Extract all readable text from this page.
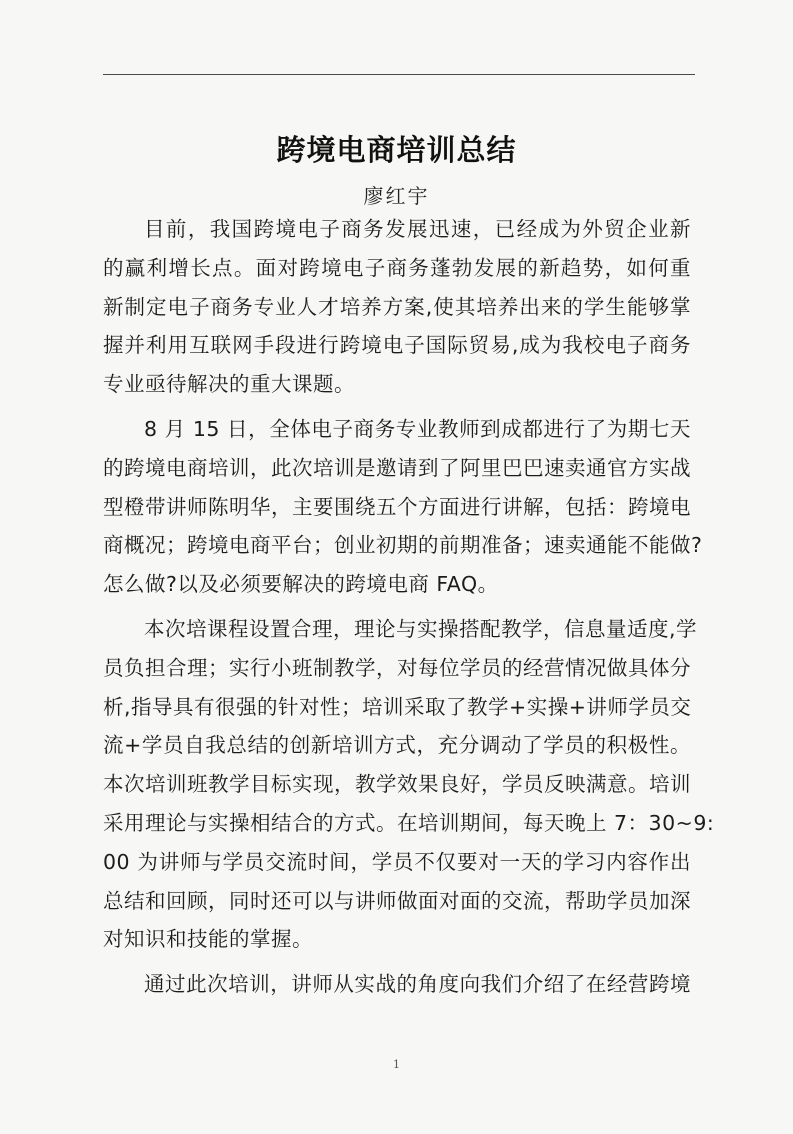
跨境电商培训总结
廖红宇
目前，我国跨境电子商务发展迅速，已经成为外贸企业新
的赢利增长点。面对跨境电子商务蓬勃发展的新趋势，如何重
新制定电子商务专业人才培养方案,使其培养出来的学生能够掌
握并利用互联网手段进行跨境电子国际贸易,成为我校电子商务
专业亟待解决的重大课题。
8 月 15 日，全体电子商务专业教师到成都进行了为期七天
的跨境电商培训，此次培训是邀请到了阿里巴巴速卖通官方实战
型橙带讲师陈明华，主要围绕五个方面进行讲解，包括：跨境电
商概况；跨境电商平台；创业初期的前期准备；速卖通能不能做?
怎么做?以及必须要解决的跨境电商 FAQ。
本次培课程设置合理，理论与实操搭配教学，信息量适度,学
员负担合理；实行小班制教学，对每位学员的经营情况做具体分
析,指导具有很强的针对性；培训采取了教学+实操+讲师学员交
流+学员自我总结的创新培训方式，充分调动了学员的积极性。
本次培训班教学目标实现，教学效果良好，学员反映满意。培训
采用理论与实操相结合的方式。在培训期间，每天晚上 7：30~9:
00 为讲师与学员交流时间，学员不仅要对一天的学习内容作出
总结和回顾，同时还可以与讲师做面对面的交流，帮助学员加深
对知识和技能的掌握。
通过此次培训，讲师从实战的角度向我们介绍了在经营跨境
1
